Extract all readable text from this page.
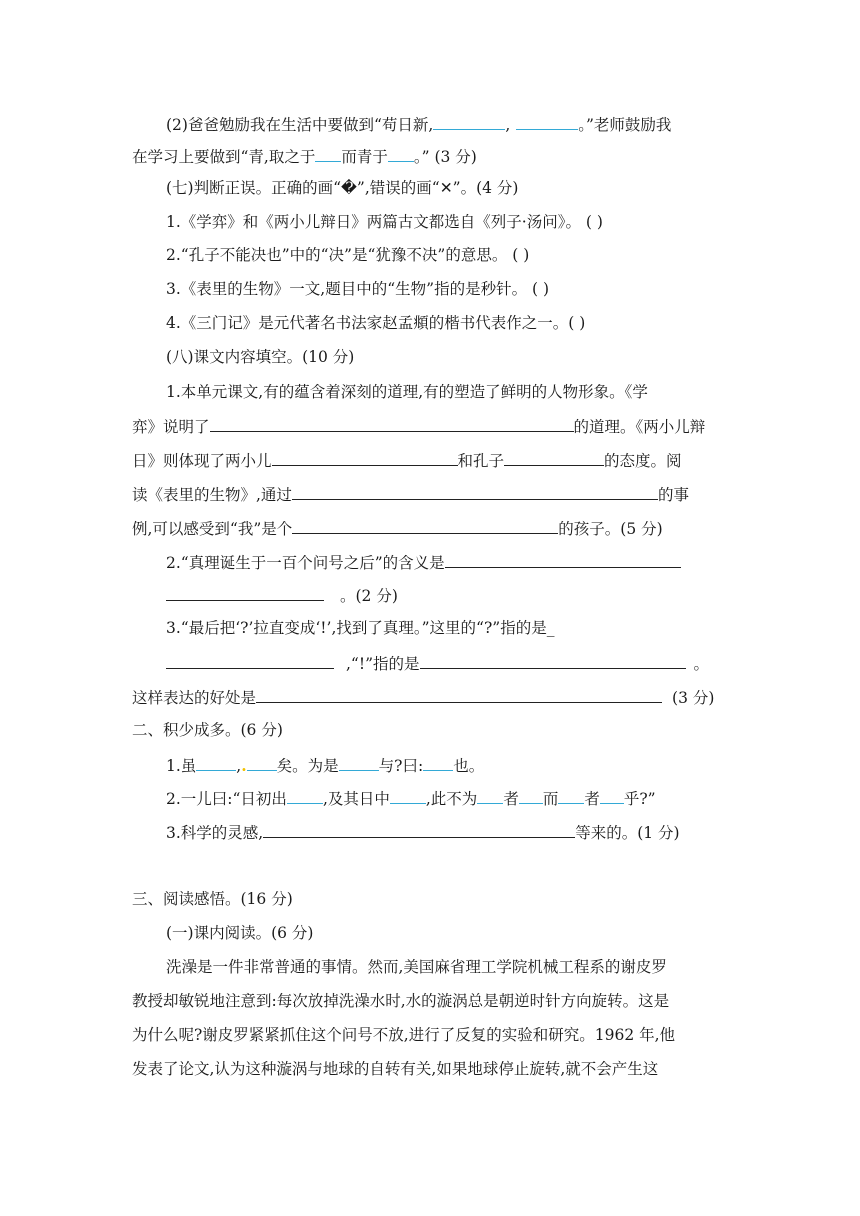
(2)爸爸勉励我在生活中要做到“苟日新,	,	。”老师鼓励我
在学习上要做到“青,取之于 而青于 。” (3 分)
(七)判断正误。正确的画“�”,错误的画“✕”。(4 分)
1.《学弈》和《两小儿辩日》两篇古文都选自《列子·汤问》。 ( )
2.“孔子不能决也”中的“决”是“犹豫不决”的意思。 ( )
3.《表里的生物》一文,题目中的“生物”指的是秒针。 ( )
4.《三门记》是元代著名书法家赵孟頫的楷书代表作之一。( )
(八)课文内容填空。(10 分)
1.本单元课文,有的蕴含着深刻的道理,有的塑造了鲜明的人物形象。《学
弈》说明了	的道理。《两小儿辩
日》则体现了两小儿	和孔子	的态度。阅
读《表里的生物》,通过	的事
例,可以感受到“我”是个	的孩子。(5 分)
2.“真理诞生于一百个问号之后”的含义是
。(2 分)
3.“最后把‘?’拉直变成‘!’,找到了真理。”这里的“?”指的是_
,“!”指的是	。
这样表达的好处是	(3 分)
二、积少成多。(6 分)
1.虽	,. 矣。为是	与?曰: 也。
2.一儿曰:“日初出 ,及其日中 ,此不为 者 而 者 乎?”
3.科学的灵感,	等来的。(1 分)
三、阅读感悟。(16 分)
(一)课内阅读。(6 分)
洗澡是一件非常普通的事情。然而,美国麻省理工学院机械工程系的谢皮罗
教授却敏锐地注意到:每次放掉洗澡水时,水的漩涡总是朝逆时针方向旋转。这是
为什么呢?谢皮罗紧紧抓住这个问号不放,进行了反复的实验和研究。1962 年,他
发表了论文,认为这种漩涡与地球的自转有关,如果地球停止旋转,就不会产生这
